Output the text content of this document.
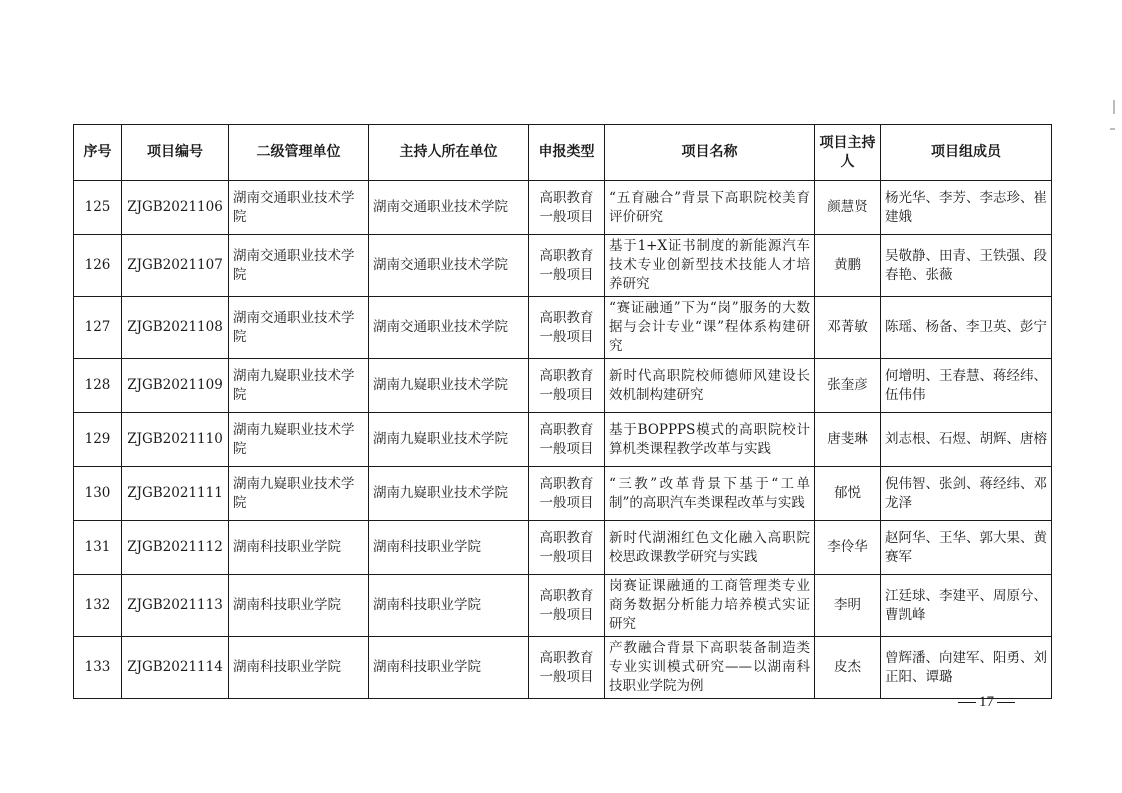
序号	项目编号	二级管理单位	主持人所在单位	申报类型	项目名称	项目主持人	项目组成员
125	ZJGB2021106	湖南交通职业技术学院	湖南交通职业技术学院	高职教育一般项目	“五育融合”背景下高职院校美育评价研究	颜慧贤	杨光华、李芳、李志珍、崔建娥
126	ZJGB2021107	湖南交通职业技术学院	湖南交通职业技术学院	高职教育一般项目	基于1+X证书制度的新能源汽车技术专业创新型技术技能人才培养研究	黄鹏	吴敬静、田青、王铁强、段春艳、张薇
127	ZJGB2021108	湖南交通职业技术学院	湖南交通职业技术学院	高职教育一般项目	“赛证融通”下为“岗”服务的大数据与会计专业“课”程体系构建研究	邓菁敏	陈瑶、杨备、李卫英、彭宁
128	ZJGB2021109	湖南九嶷职业技术学院	湖南九嶷职业技术学院	高职教育一般项目	新时代高职院校师德师风建设长效机制构建研究	张奎彦	何增明、王春慧、蒋经纬、伍伟伟
129	ZJGB2021110	湖南九嶷职业技术学院	湖南九嶷职业技术学院	高职教育一般项目	基于BOPPPS模式的高职院校计算机类课程教学改革与实践	唐斐琳	刘志根、石煜、胡辉、唐榕
130	ZJGB2021111	湖南九嶷职业技术学院	湖南九嶷职业技术学院	高职教育一般项目	“三教”改革背景下基于“工单制”的高职汽车类课程改革与实践	郁悦	倪伟智、张剑、蒋经纬、邓龙泽
131	ZJGB2021112	湖南科技职业学院	湖南科技职业学院	高职教育一般项目	新时代湖湘红色文化融入高职院校思政课教学研究与实践	李伶华	赵阿华、王华、郭大果、黄赛军
132	ZJGB2021113	湖南科技职业学院	湖南科技职业学院	高职教育一般项目	岗赛证课融通的工商管理类专业商务数据分析能力培养模式实证研究	李明	江廷球、李建平、周原兮、曹凯峰
133	ZJGB2021114	湖南科技职业学院	湖南科技职业学院	高职教育一般项目	产教融合背景下高职装备制造类专业实训模式研究——以湖南科技职业学院为例	皮杰	曾辉潘、向建军、阳勇、刘正阳、谭璐
17
